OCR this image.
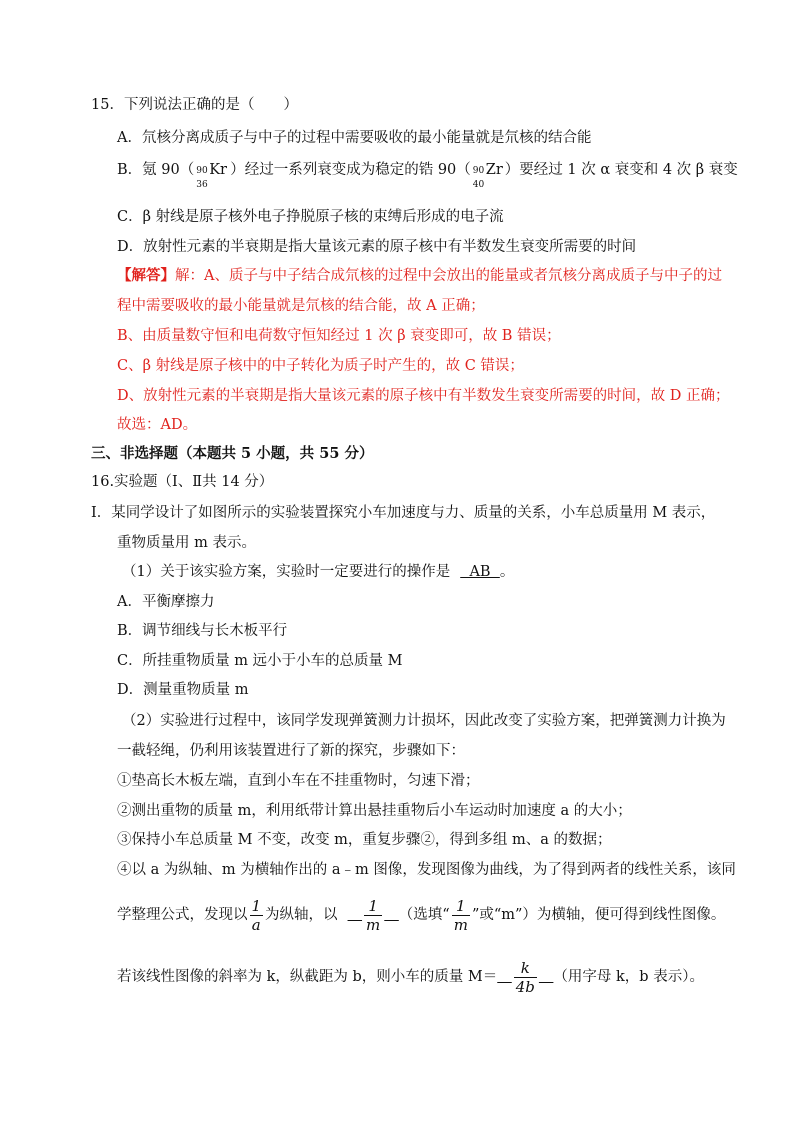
15．下列说法正确的是（　　）
A．氘核分离成质子与中子的过程中需要吸收的最小能量就是氘核的结合能
B．氪 90（ 90
36
Kr ）经过一系列衰变成为稳定的锆 90（ 90
40
Zr ）要经过 1 次 α 衰变和 4 次 β 衰变
C．β 射线是原子核外电子挣脱原子核的束缚后形成的电子流
D．放射性元素的半衰期是指大量该元素的原子核中有半数发生衰变所需要的时间
【解答】解：A、质子与中子结合成氘核的过程中会放出的能量或者氘核分离成质子与中子的过
程中需要吸收的最小能量就是氘核的结合能，故 A 正确；
B、由质量数守恒和电荷数守恒知经过 1 次 β 衰变即可，故 B 错误；
C、β 射线是原子核中的中子转化为质子时产生的，故 C 错误；
D、放射性元素的半衰期是指大量该元素的原子核中有半数发生衰变所需要的时间，故 D 正确；
故选：AD。
三、非选择题（本题共 5 小题，共 55 分）
16.实验题（Ⅰ、Ⅱ共 14 分）
Ⅰ．某同学设计了如图所示的实验装置探究小车加速度与力、质量的关系，小车总质量用 M 表示，
重物质量用 m 表示。
（1）关于该实验方案，实验时一定要进行的操作是  AB  。
A．平衡摩擦力
B．调节细线与长木板平行
C．所挂重物质量 m 远小于小车的总质量 M
D．测量重物质量 m
（2）实验进行过程中，该同学发现弹簧测力计损坏，因此改变了实验方案，把弹簧测力计换为
一截轻绳，仍利用该装置进行了新的探究，步骤如下：
①垫高长木板左端，直到小车在不挂重物时，匀速下滑；
②测出重物的质量 m，利用纸带计算出悬挂重物后小车运动时加速度 a 的大小；
③保持小车总质量 M 不变，改变 m，重复步骤②，得到多组 m、a 的数据；
④以 a 为纵轴、m 为横轴作出的 a﹣m 图像，发现图像为曲线，为了得到两者的线性关系，该同
学整理公式，发现以 $\frac{1}{a}$ 为纵轴，以  $\frac{1}{m}$
  （选填“ $\frac{1}{m}$ ”或“m”）为横轴，便可得到线性图像。
若该线性图像的斜率为 k，纵截距为 b，则小车的质量 M＝  $\frac{k}{4b}$
  （用字母 k，b 表示）。
